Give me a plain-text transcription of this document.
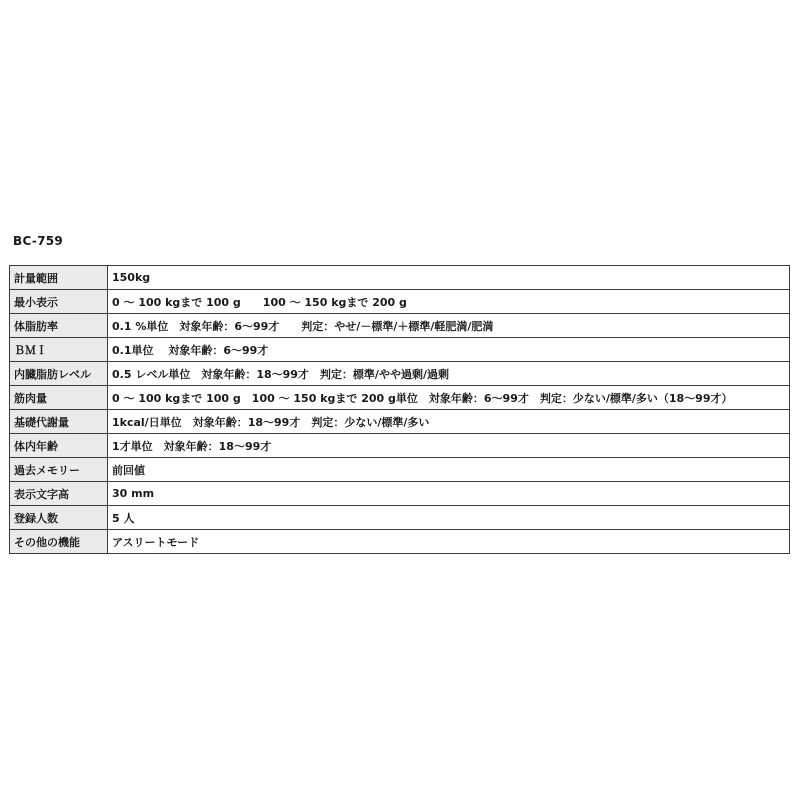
BC-759
計量範囲	150kg
最小表示	0 ～ 100 kgまで 100 g　　100 ～ 150 kgまで 200 g
体脂肪率	0.1 %単位　対象年齢：6～99才　　判定：やせ/－標準/＋標準/軽肥満/肥満
ＢＭＩ	0.1単位　 対象年齢：6～99才
内臓脂肪レベル	0.5 レベル単位　対象年齢：18～99才　判定：標準/やや過剰/過剰
筋肉量	0 ～ 100 kgまで 100 g　100 ～ 150 kgまで 200 g単位　対象年齢：6～99才　判定：少ない/標準/多い（18～99才）
基礎代謝量	1kcal/日単位　対象年齢：18～99才　判定：少ない/標準/多い
体内年齢	1才単位　対象年齢：18～99才
過去メモリー	前回値
表示文字高	30 mm
登録人数	5 人
その他の機能	アスリートモード
